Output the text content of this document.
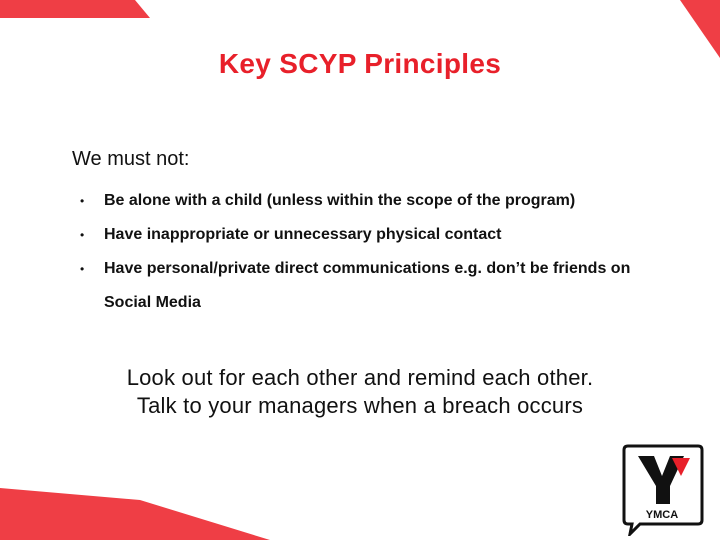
Key SCYP Principles
We must not:
• Be alone with a child (unless within the scope of the program)
• Have inappropriate or unnecessary physical contact
• Have personal/private direct communications e.g. don’t be friends on Social Media
Look out for each other and remind each other.
Talk to your managers when a breach occurs
YMCA
